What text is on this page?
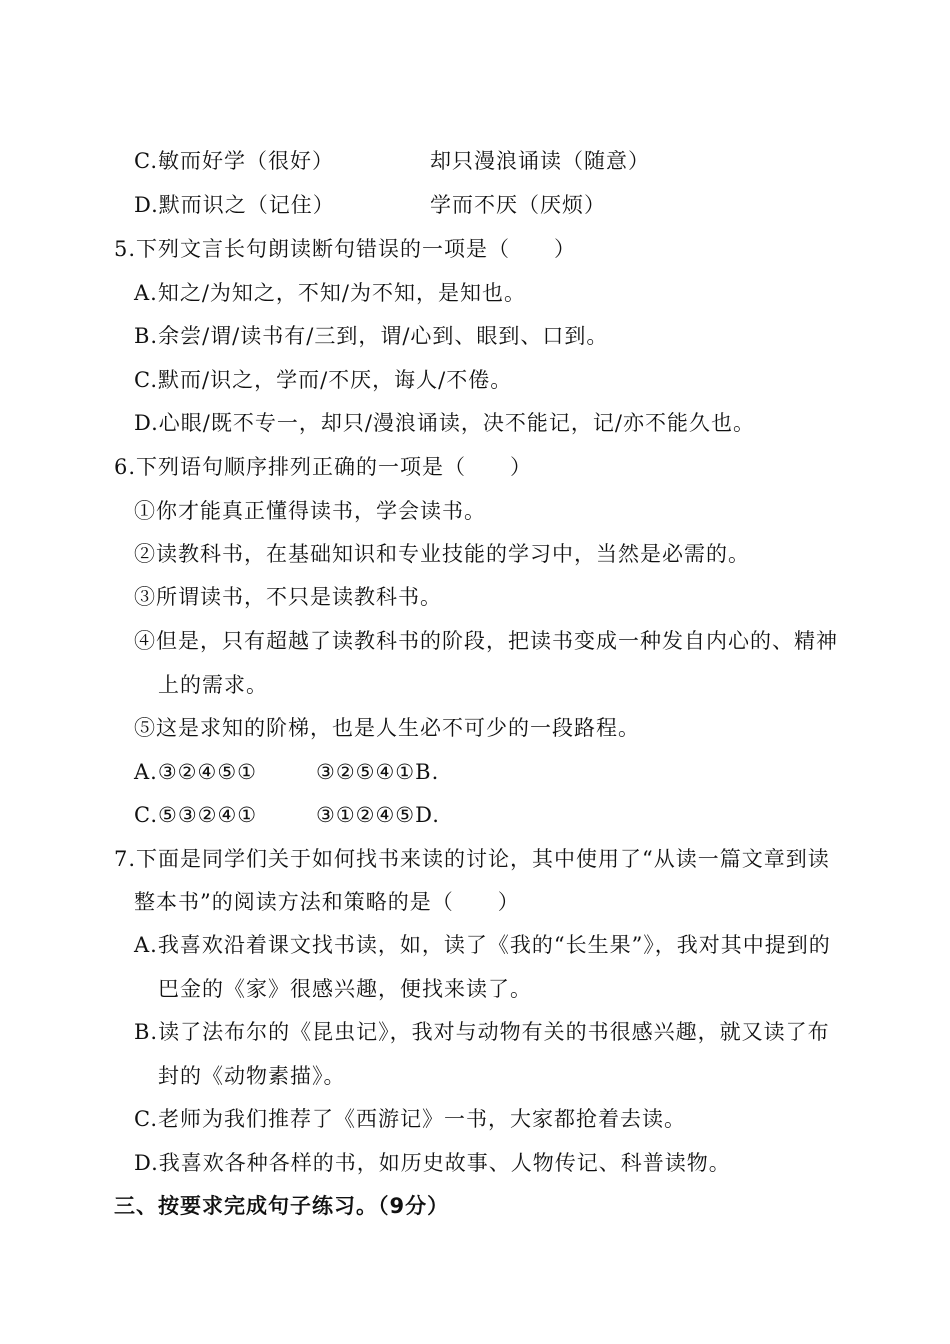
C.敏而好学（很好）	却只漫浪诵读（随意）
D.默而识之（记住）	学而不厌（厌烦）
5.下列文言长句朗读断句错误的一项是（　　）
A.知之/为知之，不知/为不知，是知也。
B.余尝/谓/读书有/三到，谓/心到、眼到、口到。
C.默而/识之，学而/不厌，诲人/不倦。
D.心眼/既不专一，却只/漫浪诵读，决不能记，记/亦不能久也。
6.下列语句顺序排列正确的一项是（　　）
①你才能真正懂得读书，学会读书。
②读教科书，在基础知识和专业技能的学习中，当然是必需的。
③所谓读书，不只是读教科书。
④但是，只有超越了读教科书的阶段，把读书变成一种发自内心的、精神
上的需求。
⑤这是求知的阶梯，也是人生必不可少的一段路程。
A.③②④⑤①	③②⑤④①B.
C.⑤③②④①	③①②④⑤D.
7.下面是同学们关于如何找书来读的讨论，其中使用了“从读一篇文章到读
整本书”的阅读方法和策略的是（　　）
A.我喜欢沿着课文找书读，如，读了《我的“长生果”》，我对其中提到的
巴金的《家》很感兴趣，便找来读了。
B.读了法布尔的《昆虫记》，我对与动物有关的书很感兴趣，就又读了布
封的《动物素描》。
C.老师为我们推荐了《西游记》一书，大家都抢着去读。
D.我喜欢各种各样的书，如历史故事、人物传记、科普读物。
三、按要求完成句子练习。（9分）
